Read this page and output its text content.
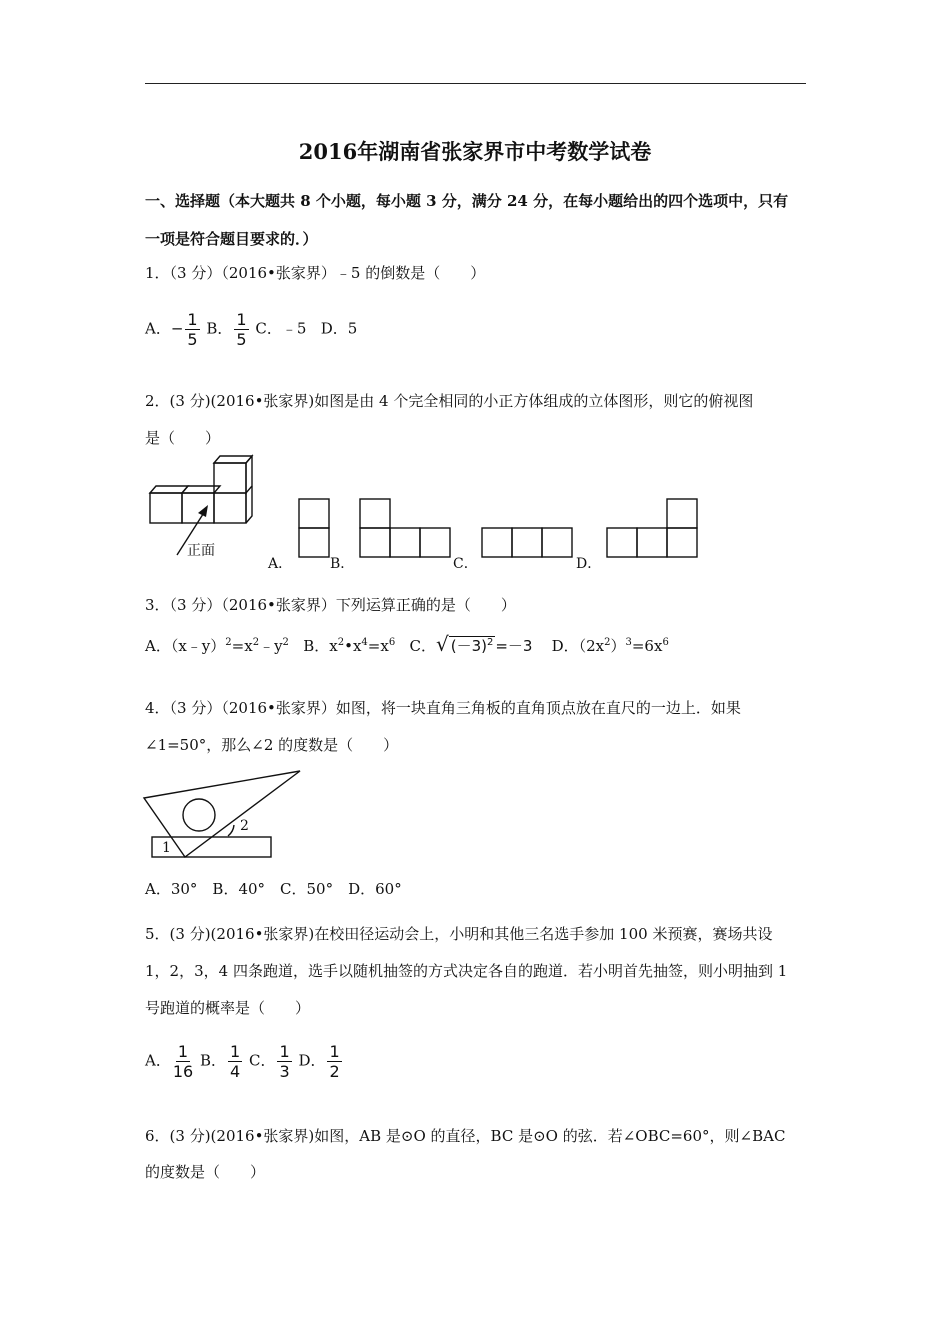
2016年湖南省张家界市中考数学试卷
一、选择题（本大题共 8 个小题，每小题 3 分，满分 24 分，在每小题给出的四个选项中，只有
一项是符合题目要求的．）
1．（3 分）（2016•张家界）﹣5 的倒数是（　　）
A．− $\frac{1}{5}$ B． $\frac{1}{5}$ C．﹣5 D．5
2．(3 分)(2016•张家界)如图是由 4 个完全相同的小正方体组成的立体图形，则它的俯视图
是（　　）
正面
A．	B．	C．	D．
3．（3 分）（2016•张家界）下列运算正确的是（　　）
A．$(x﹣y)^2=x^2﹣y^2$ B．$x^2•x^4=x^6$ C．√ $(-3)^2 =-3$ D．$(2x^2)^3=6x^6$
4．（3 分）（2016•张家界）如图，将一块直角三角板的直角顶点放在直尺的一边上．如果
∠1=50°，那么∠2 的度数是（　　）
1
2
A．30°　B．40°　C．50°　D．60°
5．(3 分)(2016•张家界)在校田径运动会上，小明和其他三名选手参加 100 米预赛，赛场共设
1，2，3，4 四条跑道，选手以随机抽签的方式决定各自的跑道．若小明首先抽签，则小明抽到 1
号跑道的概率是（　　）
A． $\frac{1}{16}$ B． $\frac{1}{4}$ C． $\frac{1}{3}$ D． $\frac{1}{2}$
6．(3 分)(2016•张家界)如图，AB 是⊙O 的直径，BC 是⊙O 的弦．若∠OBC=60°，则∠BAC
的度数是（　　）
